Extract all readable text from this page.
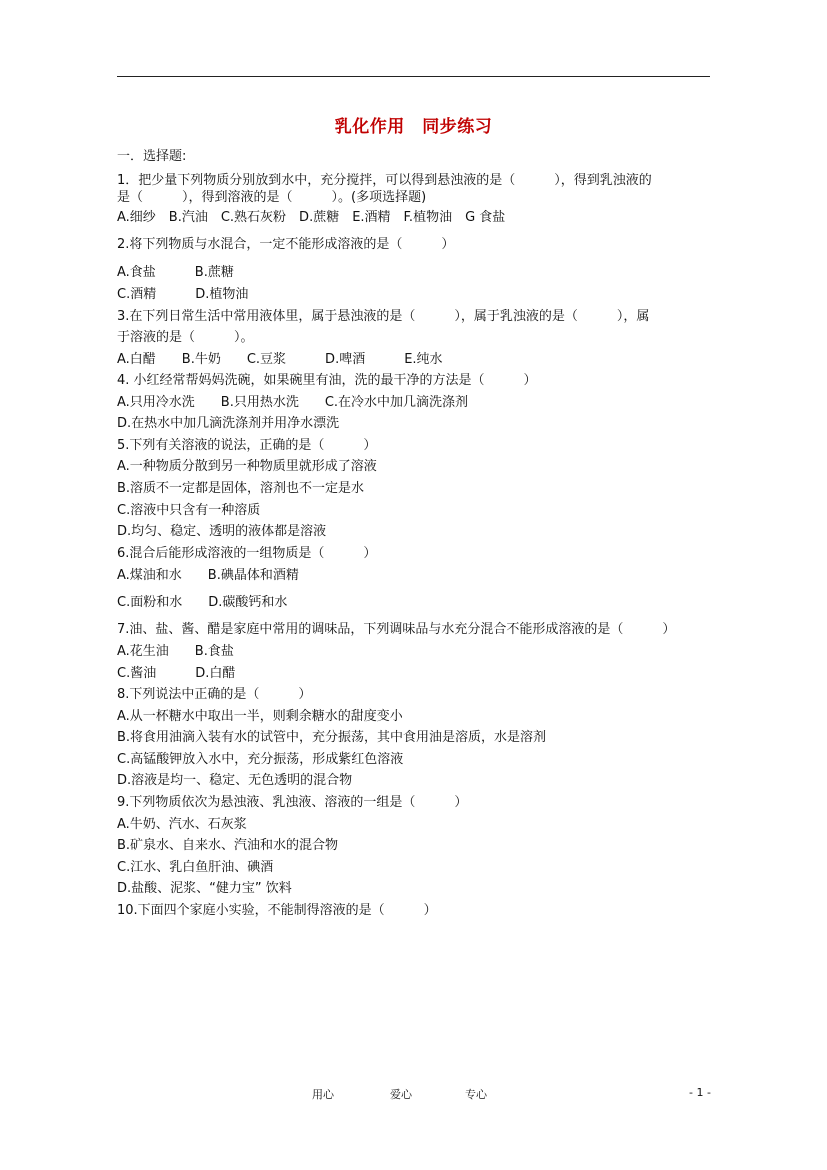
乳化作用　同步练习
一．选择题:
1．把少量下列物质分别放到水中，充分搅拌，可以得到悬浊液的是（　　　），得到乳浊液的
是（　　　），得到溶液的是（　　　）。(多项选择题)
A.细纱　B.汽油　C.熟石灰粉　D.蔗糖　E.酒精　F.植物油　G 食盐
2.将下列物质与水混合，一定不能形成溶液的是（　　　）
A.食盐　　　B.蔗糖
C.酒精　　　D.植物油
3.在下列日常生活中常用液体里，属于悬浊液的是（　　　），属于乳浊液的是（　　　），属
于溶液的是（　　　）。
A.白醋　　B.牛奶　　C.豆浆　　　D.啤酒　　　E.纯水
4. 小红经常帮妈妈洗碗，如果碗里有油，洗的最干净的方法是（　　　）
A.只用冷水洗　　B.只用热水洗　　C.在冷水中加几滴洗涤剂
D.在热水中加几滴洗涤剂并用净水漂洗
5.下列有关溶液的说法，正确的是（　　　）
A.一种物质分散到另一种物质里就形成了溶液
B.溶质不一定都是固体，溶剂也不一定是水
C.溶液中只含有一种溶质
D.均匀、稳定、透明的液体都是溶液
6.混合后能形成溶液的一组物质是（　　　）
A.煤油和水　　B.碘晶体和酒精
C.面粉和水　　D.碳酸钙和水
7.油、盐、酱、醋是家庭中常用的调味品，下列调味品与水充分混合不能形成溶液的是（　　　）
A.花生油　　B.食盐
C.酱油　　　D.白醋
8.下列说法中正确的是（　　　）
A.从一杯糖水中取出一半，则剩余糖水的甜度变小
B.将食用油滴入装有水的试管中，充分振荡，其中食用油是溶质，水是溶剂
C.高锰酸钾放入水中，充分振荡，形成紫红色溶液
D.溶液是均一、稳定、无色透明的混合物
9.下列物质依次为悬浊液、乳浊液、溶液的一组是（　　　）
A.牛奶、汽水、石灰浆
B.矿泉水、自来水、汽油和水的混合物
C.江水、乳白鱼肝油、碘酒
D.盐酸、泥浆、“健力宝” 饮料
10.下面四个家庭小实验，不能制得溶液的是（　　　）
用心	爱心	专心	- 1 -
